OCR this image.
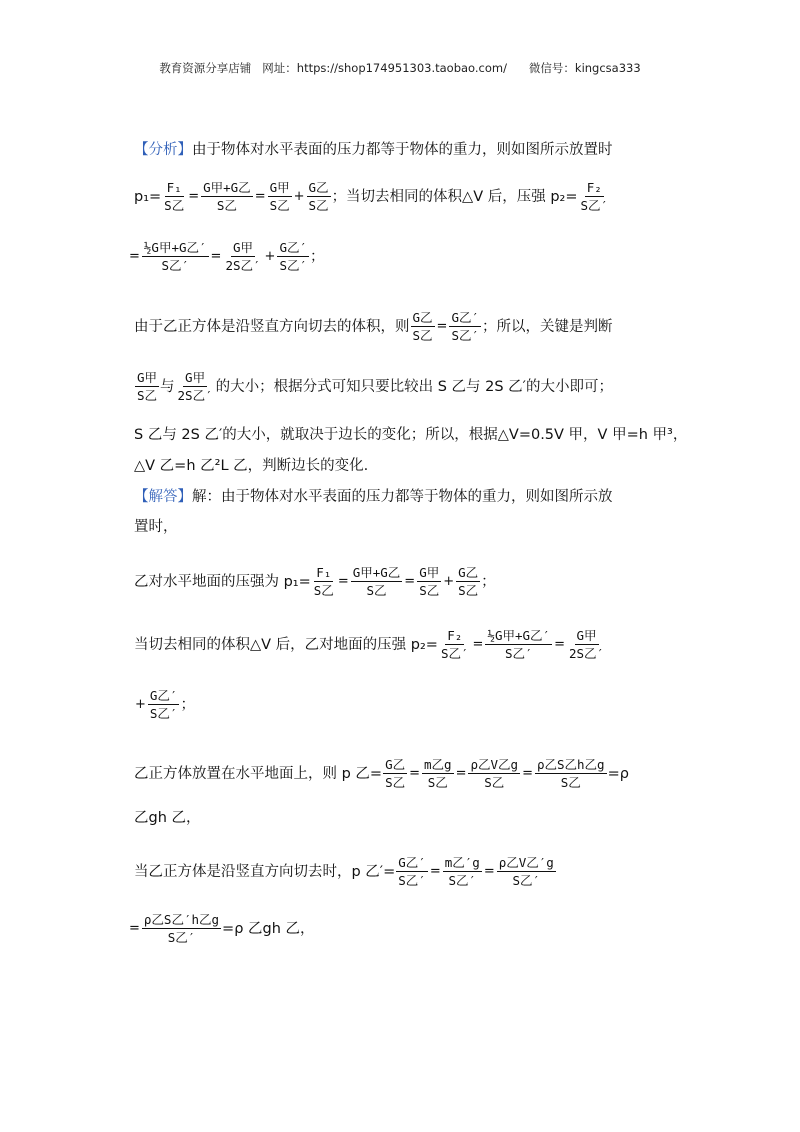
教育资源分享店铺   网址：https://shop174951303.taobao.com/      微信号：kingcsa333
【分析】 由于物体对水平表面的压力都等于物体的重力，则如图所示放置时
$p_1= \frac{\text{F₁}}{\text{S乙}} = \frac{\text{G甲+G乙}}{\text{S乙}} = \frac{\text{G甲}}{\text{S乙}} + \frac{\text{G乙}}{\text{S乙}}$ ；当切去相同的体积△V 后，压强 $p_2= \frac{\text{F₂}}{\text{S乙′}}$
= $\frac{\text{½G甲+G乙′}}{\text{S乙′}} = \frac{\text{G甲}}{\text{2S乙′}} + \frac{\text{G乙′}}{\text{S乙′}}$ ；
由于乙正方体是沿竖直方向切去的体积，则 $\frac{\text{G乙}}{\text{S乙}} = \frac{\text{G乙′}}{\text{S乙′}}$ ；所以，关键是判断
$\frac{\text{G甲}}{\text{S乙}}$ 与 $\frac{\text{G甲}}{\text{2S乙′}}$ 的大小；根据分式可知只要比较出 S 乙与 2S 乙′的大小即可；
S 乙与 2S 乙′的大小，就取决于边长的变化；所以，根据△V=0.5V 甲，V 甲=h 甲³，
△V 乙=h 乙²L 乙，判断边长的变化.
【解答】 解：由于物体对水平表面的压力都等于物体的重力，则如图所示放
置时，
乙对水平地面的压强为 $p_1= \frac{\text{F₁}}{\text{S乙}} = \frac{\text{G甲+G乙}}{\text{S乙}} = \frac{\text{G甲}}{\text{S乙}} + \frac{\text{G乙}}{\text{S乙}}$ ；
当切去相同的体积△V 后，乙对地面的压强 $p_2= \frac{\text{F₂}}{\text{S乙′}} = \frac{\text{½G甲+G乙′}}{\text{S乙′}} = \frac{\text{G甲}}{\text{2S乙′}}$
+ $\frac{\text{G乙′}}{\text{S乙′}}$ ；
乙正方体放置在水平地面上，则 p 乙= $\frac{\text{G乙}}{\text{S乙}} = \frac{\text{m乙g}}{\text{S乙}} = \frac{\text{ρ乙V乙g}}{\text{S乙}} = \frac{\text{ρ乙S乙h乙g}}{\text{S乙}} =\rho$
乙gh 乙，
当乙正方体是沿竖直方向切去时，p 乙′= $\frac{\text{G乙′}}{\text{S乙′}} = \frac{\text{m乙′g}}{\text{S乙′}} = \frac{\text{ρ乙V乙′g}}{\text{S乙′}}$
= $\frac{\text{ρ乙S乙′h乙g}}{\text{S乙′}} =\rho$ 乙gh 乙，
